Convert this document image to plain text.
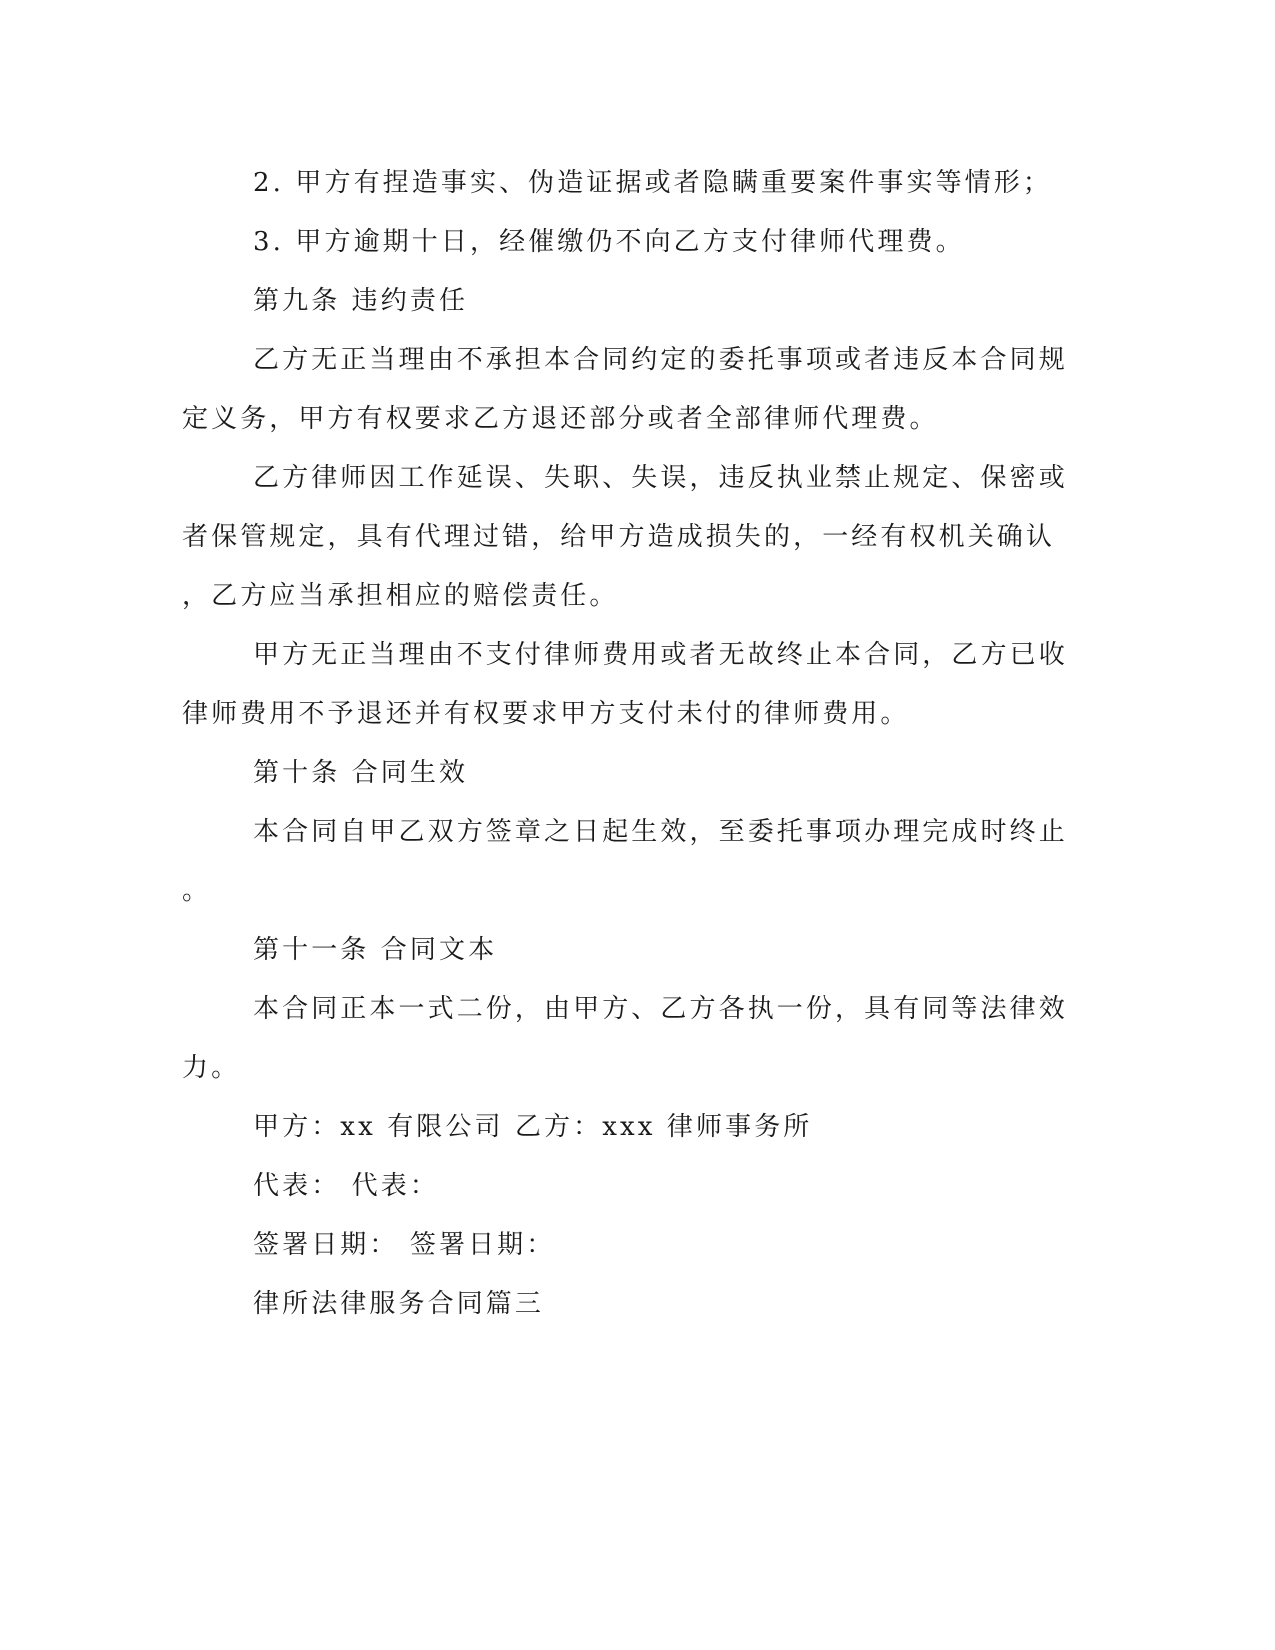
2. 甲方有捏造事实、伪造证据或者隐瞒重要案件事实等情形；
3. 甲方逾期十日，经催缴仍不向乙方支付律师代理费。
第九条 违约责任
乙方无正当理由不承担本合同约定的委托事项或者违反本合同规
定义务，甲方有权要求乙方退还部分或者全部律师代理费。
乙方律师因工作延误、失职、失误，违反执业禁止规定、保密或
者保管规定，具有代理过错，给甲方造成损失的，一经有权机关确认
，乙方应当承担相应的赔偿责任。
甲方无正当理由不支付律师费用或者无故终止本合同，乙方已收
律师费用不予退还并有权要求甲方支付未付的律师费用。
第十条 合同生效
本合同自甲乙双方签章之日起生效，至委托事项办理完成时终止
。
第十一条 合同文本
本合同正本一式二份，由甲方、乙方各执一份，具有同等法律效
力。
甲方：xx 有限公司 乙方：xxx 律师事务所
代表： 代表：
签署日期： 签署日期：
律所法律服务合同篇三
